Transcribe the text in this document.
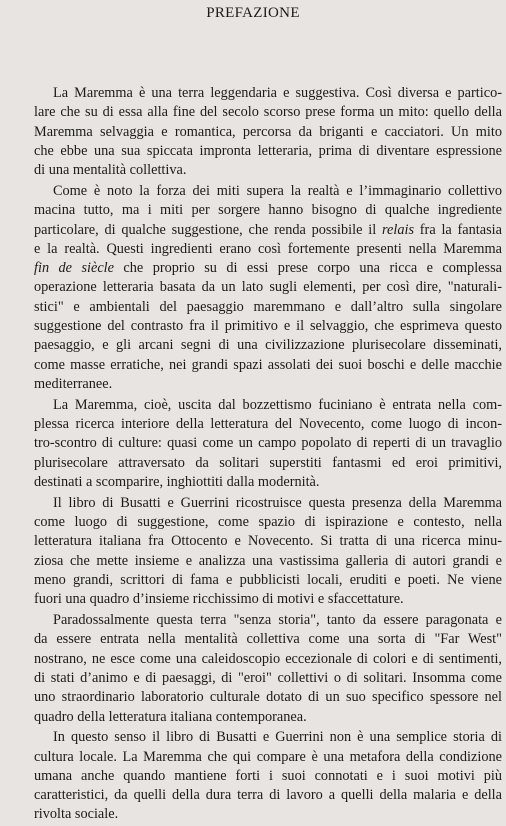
PREFAZIONE

La Maremma è una terra leggendaria e suggestiva. Così diversa e partico-
lare che su di essa alla fine del secolo scorso prese forma un mito: quello della
Maremma selvaggia e romantica, percorsa da briganti e cacciatori. Un mito
che ebbe una sua spiccata impronta letteraria, prima di diventare espressione
di una mentalità collettiva.

Come è noto la forza dei miti supera la realtà e l’immaginario collettivo
macina tutto, ma i miti per sorgere hanno bisogno di qualche ingrediente
particolare, di qualche suggestione, che renda possibile il relais fra la fantasia
e la realtà. Questi ingredienti erano così fortemente presenti nella Maremma
fin de siècle che proprio su di essi prese corpo una ricca e complessa
operazione letteraria basata da un lato sugli elementi, per così dire, "naturali-
stici" e ambientali del paesaggio maremmano e dall’altro sulla singolare
suggestione del contrasto fra il primitivo e il selvaggio, che esprimeva questo
paesaggio, e gli arcani segni di una civilizzazione plurisecolare disseminati,
come masse erratiche, nei grandi spazi assolati dei suoi boschi e delle macchie
mediterranee.

La Maremma, cioè, uscita dal bozzettismo fuciniano è entrata nella com-
plessa ricerca interiore della letteratura del Novecento, come luogo di incon-
tro-scontro di culture: quasi come un campo popolato di reperti di un travaglio
plurisecolare attraversato da solitari superstiti fantasmi ed eroi primitivi,
destinati a scomparire, inghiottiti dalla modernità.

Il libro di Busatti e Guerrini ricostruisce questa presenza della Maremma
come luogo di suggestione, come spazio di ispirazione e contesto, nella
letteratura italiana fra Ottocento e Novecento. Si tratta di una ricerca minu-
ziosa che mette insieme e analizza una vastissima galleria di autori grandi e
meno grandi, scrittori di fama e pubblicisti locali, eruditi e poeti. Ne viene
fuori una quadro d’insieme ricchissimo di motivi e sfaccettature.

Paradossalmente questa terra "senza storia", tanto da essere paragonata e
da essere entrata nella mentalità collettiva come una sorta di "Far West"
nostrano, ne esce come una caleidoscopio eccezionale di colori e di sentimenti,
di stati d’animo e di paesaggi, di "eroi" collettivi o di solitari. Insomma come
uno straordinario laboratorio culturale dotato di un suo specifico spessore nel
quadro della letteratura italiana contemporanea.

In questo senso il libro di Busatti e Guerrini non è una semplice storia di
cultura locale. La Maremma che qui compare è una metafora della condizione
umana anche quando mantiene forti i suoi connotati e i suoi motivi più
caratteristici, da quelli della dura terra di lavoro a quelli della malaria e della
rivolta sociale.
